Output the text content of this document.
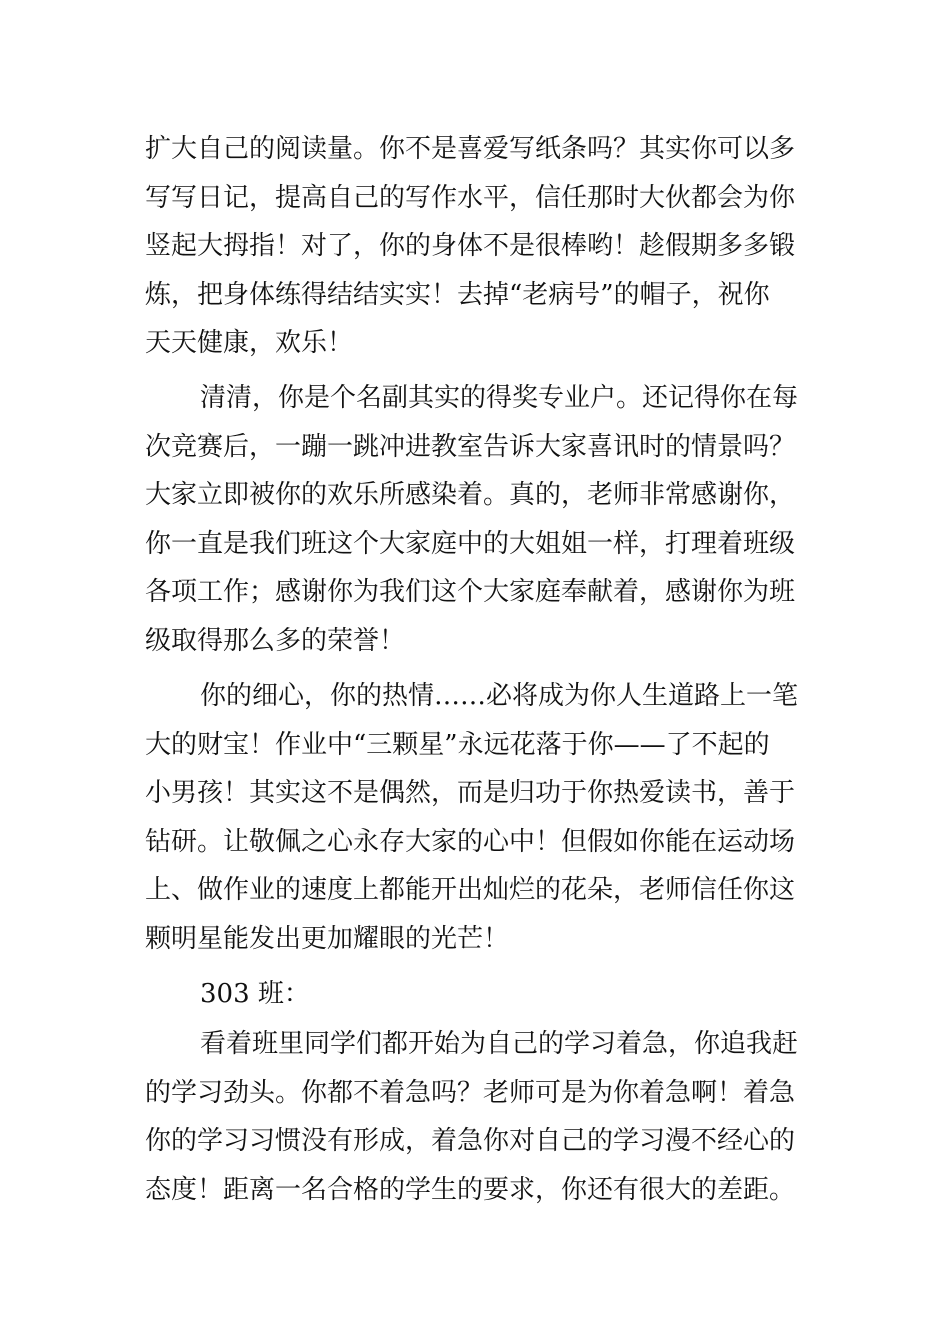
扩大自己的阅读量。你不是喜爱写纸条吗？其实你可以多
写写日记，提高自己的写作水平，信任那时大伙都会为你
竖起大拇指！对了，你的身体不是很棒哟！趁假期多多锻
炼，把身体练得结结实实！去掉“老病号”的帽子，祝你
天天健康，欢乐！

清清，你是个名副其实的得奖专业户。还记得你在每
次竞赛后，一蹦一跳冲进教室告诉大家喜讯时的情景吗？
大家立即被你的欢乐所感染着。真的，老师非常感谢你，
你一直是我们班这个大家庭中的大姐姐一样，打理着班级
各项工作；感谢你为我们这个大家庭奉献着，感谢你为班
级取得那么多的荣誉！

你的细心，你的热情……必将成为你人生道路上一笔
大的财宝！作业中“三颗星”永远花落于你——了不起的
小男孩！其实这不是偶然，而是归功于你热爱读书，善于
钻研。让敬佩之心永存大家的心中！但假如你能在运动场
上、做作业的速度上都能开出灿烂的花朵，老师信任你这
颗明星能发出更加耀眼的光芒！

303 班：

看着班里同学们都开始为自己的学习着急，你追我赶
的学习劲头。你都不着急吗？老师可是为你着急啊！着急
你的学习习惯没有形成，着急你对自己的学习漫不经心的
态度！距离一名合格的学生的要求，你还有很大的差距。
